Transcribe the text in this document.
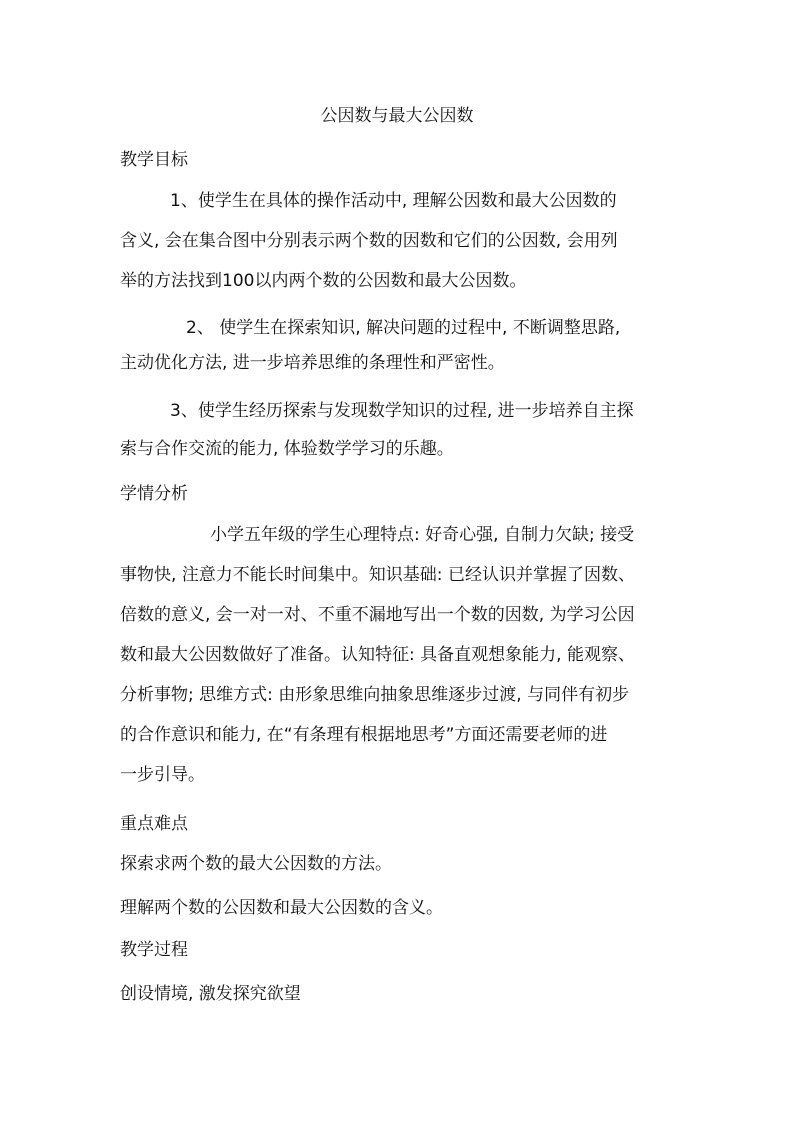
公因数与最大公因数

教学目标

1、使学生在具体的操作活动中, 理解公因数和最大公因数的

含义, 会在集合图中分别表示两个数的因数和它们的公因数, 会用列

举的方法找到100以内两个数的公因数和最大公因数。

2、 使学生在探索知识, 解决问题的过程中, 不断调整思路,

主动优化方法, 进一步培养思维的条理性和严密性。

3、使学生经历探索与发现数学知识的过程, 进一步培养自主探

索与合作交流的能力, 体验数学学习的乐趣。

学情分析

小学五年级的学生心理特点: 好奇心强, 自制力欠缺; 接受

事物快, 注意力不能长时间集中。知识基础: 已经认识并掌握了因数、

倍数的意义, 会一对一对、不重不漏地写出一个数的因数, 为学习公因

数和最大公因数做好了准备。认知特征: 具备直观想象能力, 能观察、

分析事物; 思维方式: 由形象思维向抽象思维逐步过渡, 与同伴有初步

的合作意识和能力, 在“有条理有根据地思考”方面还需要老师的进

一步引导。

重点难点

探索求两个数的最大公因数的方法。

理解两个数的公因数和最大公因数的含义。

教学过程

创设情境, 激发探究欲望
